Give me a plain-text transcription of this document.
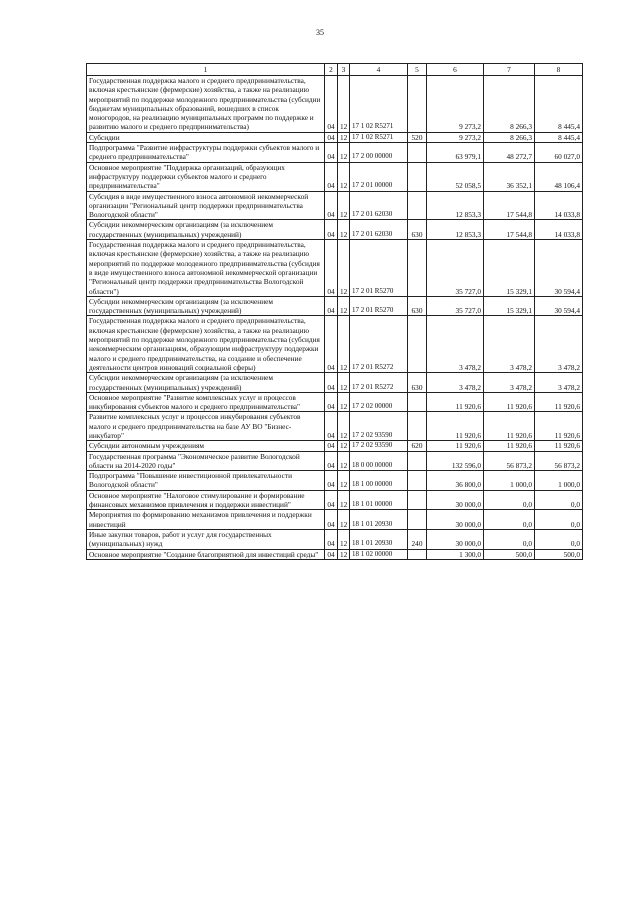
35
1	2	3	4	5	6	7	8
Государственная поддержка малого и среднего предпринимательства, включая крестьянские (фермерские) хозяйства, а также на реализацию мероприятий по поддержке молодежного предпринимательства (субсидии бюджетам муниципальных образований, вошедших в список моногородов, на реализацию муниципальных программ по поддержке и развитию малого и среднего предпринимательства)	04	12	17 1 02 R5271		9 273,2	8 266,3	8 445,4
Субсидии	04	12	17 1 02 R5271	520	9 273,2	8 266,3	8 445,4
Подпрограмма "Развитие инфраструктуры поддержки субъектов малого и среднего предпринимательства"	04	12	17 2 00 00000		63 979,1	48 272,7	60 027,0
Основное мероприятие "Поддержка организаций, образующих инфраструктуру поддержки субъектов малого и среднего предпринимательства"	04	12	17 2 01 00000		52 058,5	36 352,1	48 106,4
Субсидия в виде имущественного взноса автономной некоммерческой организации "Региональный центр поддержки предпринимательства Вологодской области"	04	12	17 2 01 62030		12 853,3	17 544,8	14 033,8
Субсидии некоммерческим организациям (за исключением государственных (муниципальных) учреждений)	04	12	17 2 01 62030	630	12 853,3	17 544,8	14 033,8
Государственная поддержка малого и среднего предпринимательства, включая крестьянские (фермерские) хозяйства, а также на реализацию мероприятий по поддержке молодежного предпринимательства (субсидия в виде имущественного взноса автономной некоммерческой организации "Региональный центр поддержки предпринимательства Вологодской области")	04	12	17 2 01 R5270		35 727,0	15 329,1	30 594,4
Субсидии некоммерческим организациям (за исключением государственных (муниципальных) учреждений)	04	12	17 2 01 R5270	630	35 727,0	15 329,1	30 594,4
Государственная поддержка малого и среднего предпринимательства, включая крестьянские (фермерские) хозяйства, а также на реализацию мероприятий по поддержке молодежного предпринимательства (субсидия некоммерческим организациям, образующим инфраструктуру поддержки малого и среднего предпринимательства, на создание и обеспечение деятельности центров инноваций социальной сферы)	04	12	17 2 01 R5272		3 478,2	3 478,2	3 478,2
Субсидии некоммерческим организациям (за исключением государственных (муниципальных) учреждений)	04	12	17 2 01 R5272	630	3 478,2	3 478,2	3 478,2
Основное мероприятие "Развитие комплексных услуг и процессов инкубирования субъектов малого и среднего предпринимательства"	04	12	17 2 02 00000		11 920,6	11 920,6	11 920,6
Развитие комплексных услуг и процессов инкубирования субъектов малого и среднего предпринимательства на базе АУ ВО "Бизнес-инкубатор"	04	12	17 2 02 93590		11 920,6	11 920,6	11 920,6
Субсидии автономным учреждениям	04	12	17 2 02 93590	620	11 920,6	11 920,6	11 920,6
Государственная программа "Экономическое развитие Вологодской области на 2014-2020 годы"	04	12	18 0 00 00000		132 596,0	56 873,2	56 873,2
Подпрограмма "Повышение инвестиционной привлекательности Вологодской области"	04	12	18 1 00 00000		36 800,0	1 000,0	1 000,0
Основное мероприятие "Налоговое стимулирование и формирование финансовых механизмов привлечения и поддержки инвестиций"	04	12	18 1 01 00000		30 000,0	0,0	0,0
Мероприятия по формированию механизмов привлечения и поддержки инвестиций	04	12	18 1 01 20930		30 000,0	0,0	0,0
Иные закупки товаров, работ и услуг для государственных (муниципальных) нужд	04	12	18 1 01 20930	240	30 000,0	0,0	0,0
Основное мероприятие "Создание благоприятной для инвестиций среды"	04	12	18 1 02 00000		1 300,0	500,0	500,0
